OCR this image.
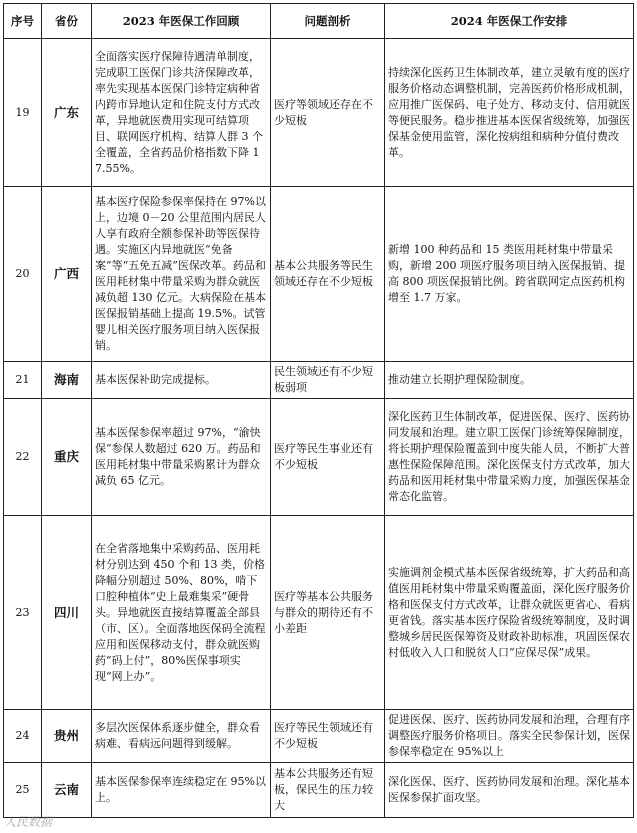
序号	省份	2023 年医保工作回顾	问题剖析	2024 年医保工作安排
19	广东	全面落实医疗保障待遇清单制度，完成职工医保门诊共济保障改革，率先实现基本医保门诊特定病种省内跨市异地认定和住院支付方式改革，异地就医费用实现可结算项目、联网医疗机构、结算人群 3 个全覆盖，全省药品价格指数下降 17.55%。	医疗等领域还存在不少短板	持续深化医药卫生体制改革，建立灵敏有度的医疗服务价格动态调整机制，完善医药价格形成机制，应用推广医保码、电子处方、移动支付、信用就医等便民服务。稳步推进基本医保省级统筹，加强医保基金使用监管，深化按病组和病种分值付费改革。
20	广西	基本医疗保险参保率保持在 97%以上，边境 0－20 公里范围内居民人人享有政府全额参保补助等医保待遇。实施区内异地就医“免备案”等“五免五减”医保改革。药品和医用耗材集中带量采购为群众就医减负超 130 亿元。大病保险在基本医保报销基础上提高 19.5%。试管婴儿相关医疗服务项目纳入医保报销。	基本公共服务等民生领域还存在不少短板	新增 100 种药品和 15 类医用耗材集中带量采购，新增 200 项医疗服务项目纳入医保报销、提高 800 项医保报销比例。跨省联网定点医药机构增至 1.7 万家。
21	海南	基本医保补助完成提标。	民生领域还有不少短板弱项	推动建立长期护理保险制度。
22	重庆	基本医保参保率超过 97%，“渝快保”参保人数超过 620 万。药品和医用耗材集中带量采购累计为群众减负 65 亿元。	医疗等民生事业还有不少短板	深化医药卫生体制改革，促进医保、医疗、医药协同发展和治理。建立职工医保门诊统筹保障制度，将长期护理保险覆盖到中度失能人员，不断扩大普惠性保险保障范围。深化医保支付方式改革，加大药品和医用耗材集中带量采购力度，加强医保基金常态化监管。
23	四川	在全省落地集中采购药品、医用耗材分别达到 450 个和 13 类，价格降幅分别超过 50%、80%，啃下口腔种植体“史上最难集采”硬骨头。异地就医直接结算覆盖全部县（市、区）。全面落地医保码全流程应用和医保移动支付，群众就医购药“码上付”，80%医保事项实现“网上办”。	医疗等基本公共服务与群众的期待还有不小差距	实施调剂金模式基本医保省级统筹，扩大药品和高值医用耗材集中带量采购覆盖面，深化医疗服务价格和医保支付方式改革，让群众就医更省心、看病更省钱。落实基本医疗保险省级统筹制度，及时调整城乡居民医保筹资及财政补助标准，巩固医保农村低收入人口和脱贫人口“应保尽保”成果。
24	贵州	多层次医保体系逐步健全，群众看病难、看病远问题得到缓解。	医疗等民生领域还有不少短板	促进医保、医疗、医药协同发展和治理，合理有序调整医疗服务价格项目。落实全民参保计划，医保参保率稳定在 95%以上
25	云南	基本医保参保率连续稳定在 95%以上。	基本公共服务还有短板，保民生的压力较大	深化医保、医疗、医药协同发展和治理。深化基本医保参保扩面攻坚。
人民数据
